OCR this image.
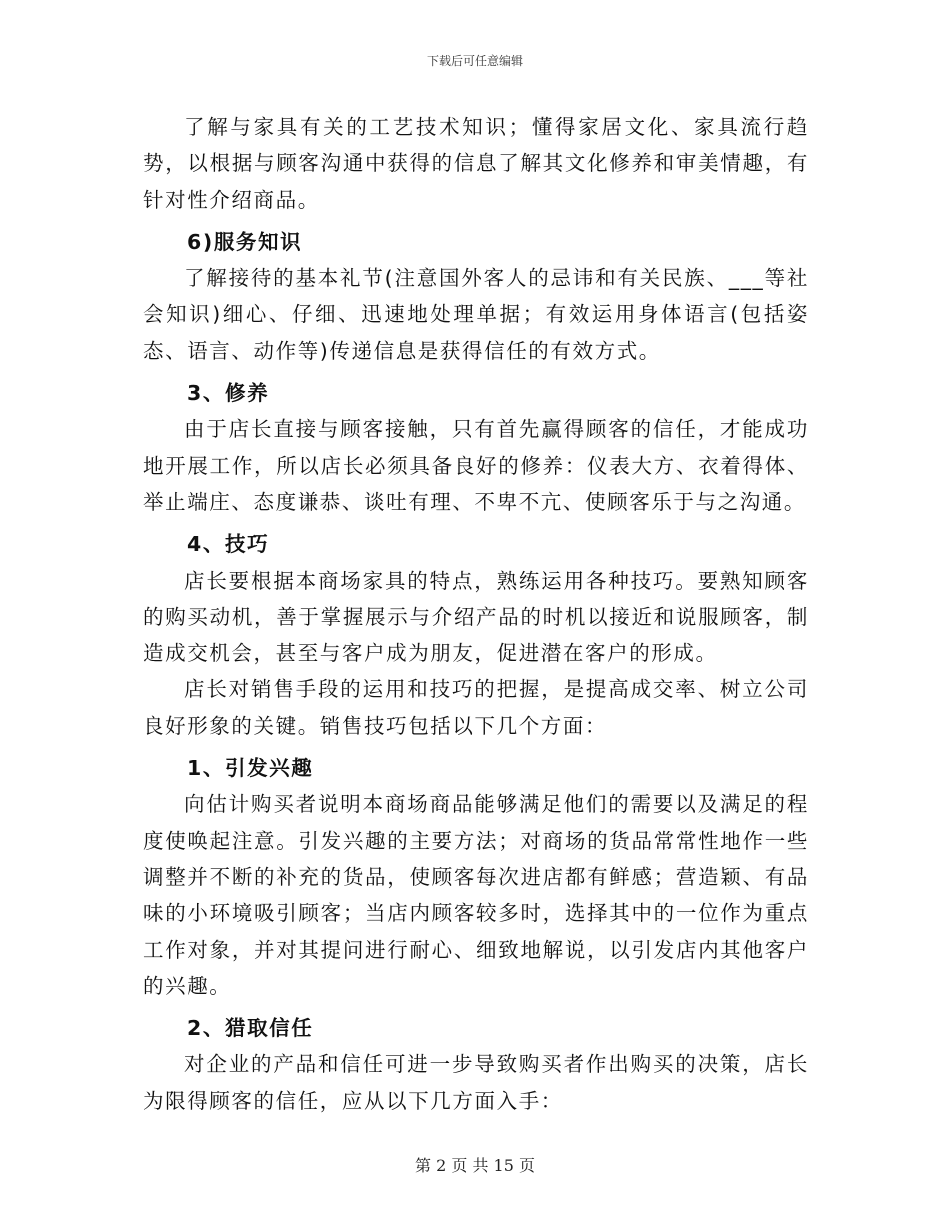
下载后可任意编辑

了解与家具有关的工艺技术知识；懂得家居文化、家具流行趋势，以根据与顾客沟通中获得的信息了解其文化修养和审美情趣，有针对性介绍商品。

6)服务知识

了解接待的基本礼节(注意国外客人的忌讳和有关民族、___等社会知识)细心、仔细、迅速地处理单据；有效运用身体语言(包括姿态、语言、动作等)传递信息是获得信任的有效方式。

3、修养

由于店长直接与顾客接触，只有首先赢得顾客的信任，才能成功地开展工作，所以店长必须具备良好的修养：仪表大方、衣着得体、举止端庄、态度谦恭、谈吐有理、不卑不亢、使顾客乐于与之沟通。

4、技巧

店长要根据本商场家具的特点，熟练运用各种技巧。要熟知顾客的购买动机，善于掌握展示与介绍产品的时机以接近和说服顾客，制造成交机会，甚至与客户成为朋友，促进潜在客户的形成。

店长对销售手段的运用和技巧的把握，是提高成交率、树立公司良好形象的关键。销售技巧包括以下几个方面：

1、引发兴趣

向估计购买者说明本商场商品能够满足他们的需要以及满足的程度使唤起注意。引发兴趣的主要方法；对商场的货品常常性地作一些调整并不断的补充的货品，使顾客每次进店都有鲜感；营造颖、有品味的小环境吸引顾客；当店内顾客较多时，选择其中的一位作为重点工作对象，并对其提问进行耐心、细致地解说，以引发店内其他客户的兴趣。

2、猎取信任

对企业的产品和信任可进一步导致购买者作出购买的决策，店长为限得顾客的信任，应从以下几方面入手：

第 2 页 共 15 页
